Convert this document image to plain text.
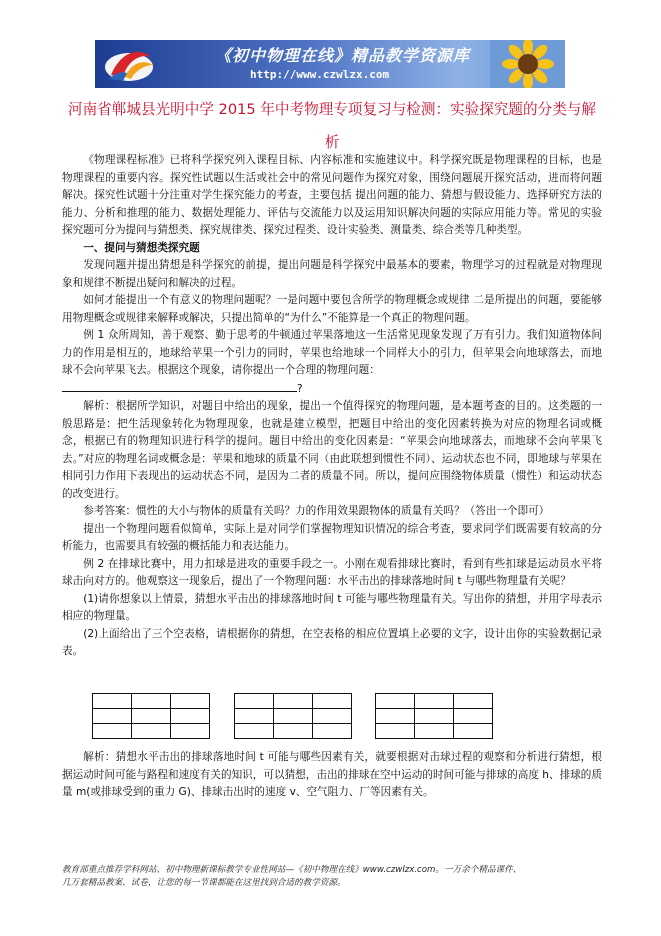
《初中物理在线》精品教学资源库
http://www.czwlzx.com
河南省郸城县光明中学 2015 年中考物理专项复习与检测：实验探究题的分类与解析

《物理课程标准》已将科学探究列入课程目标、内容标准和实施建议中。科学探究既是物理课程的目标，也是物理课程的重要内容。探究性试题以生活或社会中的常见问题作为探究对象，围绕问题展开探究活动，进而将问题解决。探究性试题十分注重对学生探究能力的考查，主要包括 提出问题的能力、猜想与假设能力、选择研究方法的能力、分析和推理的能力、数据处理能力、评估与交流能力以及运用知识解决问题的实际应用能力等。常见的实验探究题可分为提问与猜想类、探究规律类、探究过程类、设计实验类、测量类、综合类等几种类型。

一、提问与猜想类探究题

发现问题并提出猜想是科学探究的前提，提出问题是科学探究中最基本的要素，物理学习的过程就是对物理现象和规律不断提出疑问和解决的过程。

如何才能提出一个有意义的物理问题呢？一是问题中要包含所学的物理概念或规律 二是所提出的问题，要能够用物理概念或规律来解释或解决，只提出简单的“为什么”不能算是一个真正的物理问题。

例 1 众所周知，善于观察、勤于思考的牛顿通过苹果落地这一生活常见现象发现了万有引力。我们知道物体间力的作用是相互的，地球给苹果一个引力的同时，苹果也给地球一个同样大小的引力，但苹果会向地球落去，而地球不会向苹果飞去。根据这个现象，请你提出一个合理的物理问题：
?

解析：根据所学知识，对题目中给出的现象，提出一个值得探究的物理问题，是本题考查的目的。这类题的一般思路是：把生活现象转化为物理现象，也就是建立模型，把题目中给出的变化因素转换为对应的物理名词或概念，根据已有的物理知识进行科学的提问。题目中给出的变化因素是：“苹果会向地球落去，而地球不会向苹果飞去。”对应的物理名词或概念是：苹果和地球的质量不同（由此联想到惯性不同）、运动状态也不同，即地球与苹果在相同引力作用下表现出的运动状态不同，是因为二者的质量不同。所以，提问应围绕物体质量（惯性）和运动状态的改变进行。

参考答案：惯性的大小与物体的质量有关吗？力的作用效果跟物体的质量有关吗？（答出一个即可）

提出一个物理问题看似简单，实际上是对同学们掌握物理知识情况的综合考查，要求同学们既需要有较高的分析能力，也需要具有较强的概括能力和表达能力。

例 2 在排球比赛中，用力扣球是进攻的重要手段之一。小刚在观看排球比赛时，看到有些扣球是运动员水平将球击向对方的。他观察这一现象后，提出了一个物理问题：水平击出的排球落地时间 t 与哪些物理量有关呢？

(1)请你想象以上情景，猜想水平击出的排球落地时间 t 可能与哪些物理量有关。写出你的猜想，并用字母表示相应的物理量。

(2)上面给出了三个空表格，请根据你的猜想，在空表格的相应位置填上必要的文字，设计出你的实验数据记录表。

解析：猜想水平击出的排球落地时间 t 可能与哪些因素有关，就要根据对击球过程的观察和分析进行猜想，根据运动时间可能与路程和速度有关的知识，可以猜想，击出的排球在空中运动的时间可能与排球的高度 h、排球的质量 m(或排球受到的重力 G)、排球击出时的速度 v、空气阻力、厂等因素有关。

教育部重点推荐学科网站、初中物理新课标教学专业性网站—《初中物理在线》www.czwlzx.com。一万余个精品课件、

几万套精品教案、试卷，让您的每一节课都能在这里找到合适的教学资源。
